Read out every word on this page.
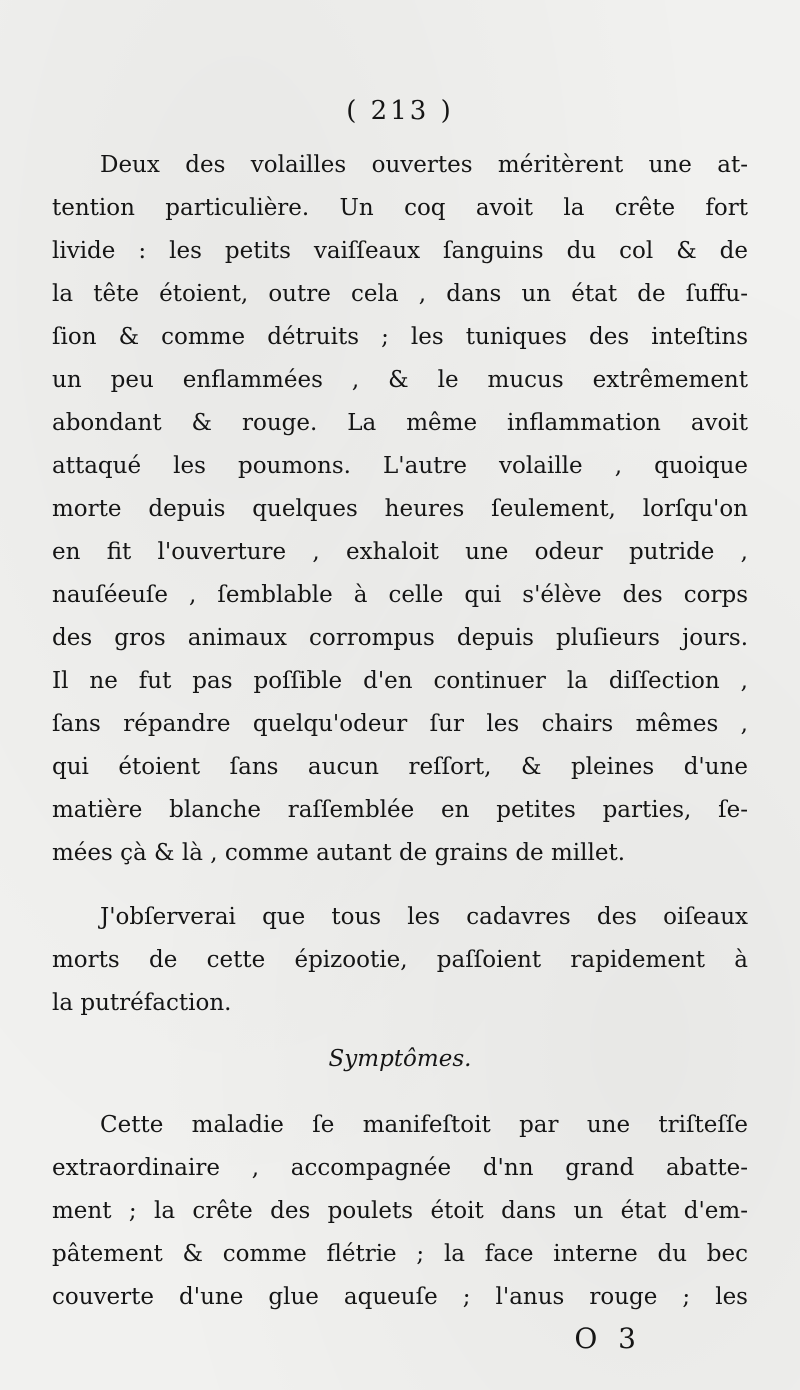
( 213 )
Deux des volailles ouvertes méritèrent une at-
tention particulière. Un coq avoit la crête fort
livide : les petits vaiſſeaux ſanguins du col & de
la tête étoient, outre cela , dans un état de ſuffu-
ſion & comme détruits ; les tuniques des inteſtins
un peu enflammées , & le mucus extrêmement
abondant & rouge. La même inflammation avoit
attaqué les poumons. L'autre volaille , quoique
morte depuis quelques heures ſeulement, lorſqu'on
en fit l'ouverture , exhaloit une odeur putride ,
nauſéeuſe , ſemblable à celle qui s'élève des corps
des gros animaux corrompus depuis pluſieurs jours.
Il ne fut pas poſſible d'en continuer la diſſection ,
ſans répandre quelqu'odeur ſur les chairs mêmes ,
qui étoient ſans aucun reſſort, & pleines d'une
matière blanche raſſemblée en petites parties, ſe-
mées çà & là , comme autant de grains de millet.
J'obſerverai que tous les cadavres des oiſeaux
morts de cette épizootie, paſſoient rapidement à
la putréfaction.
Symptômes.
Cette maladie ſe manifeſtoit par une triſteſſe
extraordinaire , accompagnée d'nn grand abatte-
ment ; la crête des poulets étoit dans un état d'em-
pâtement & comme flétrie ; la face interne du bec
couverte d'une glue aqueuſe ; l'anus rouge ; les
O 3
